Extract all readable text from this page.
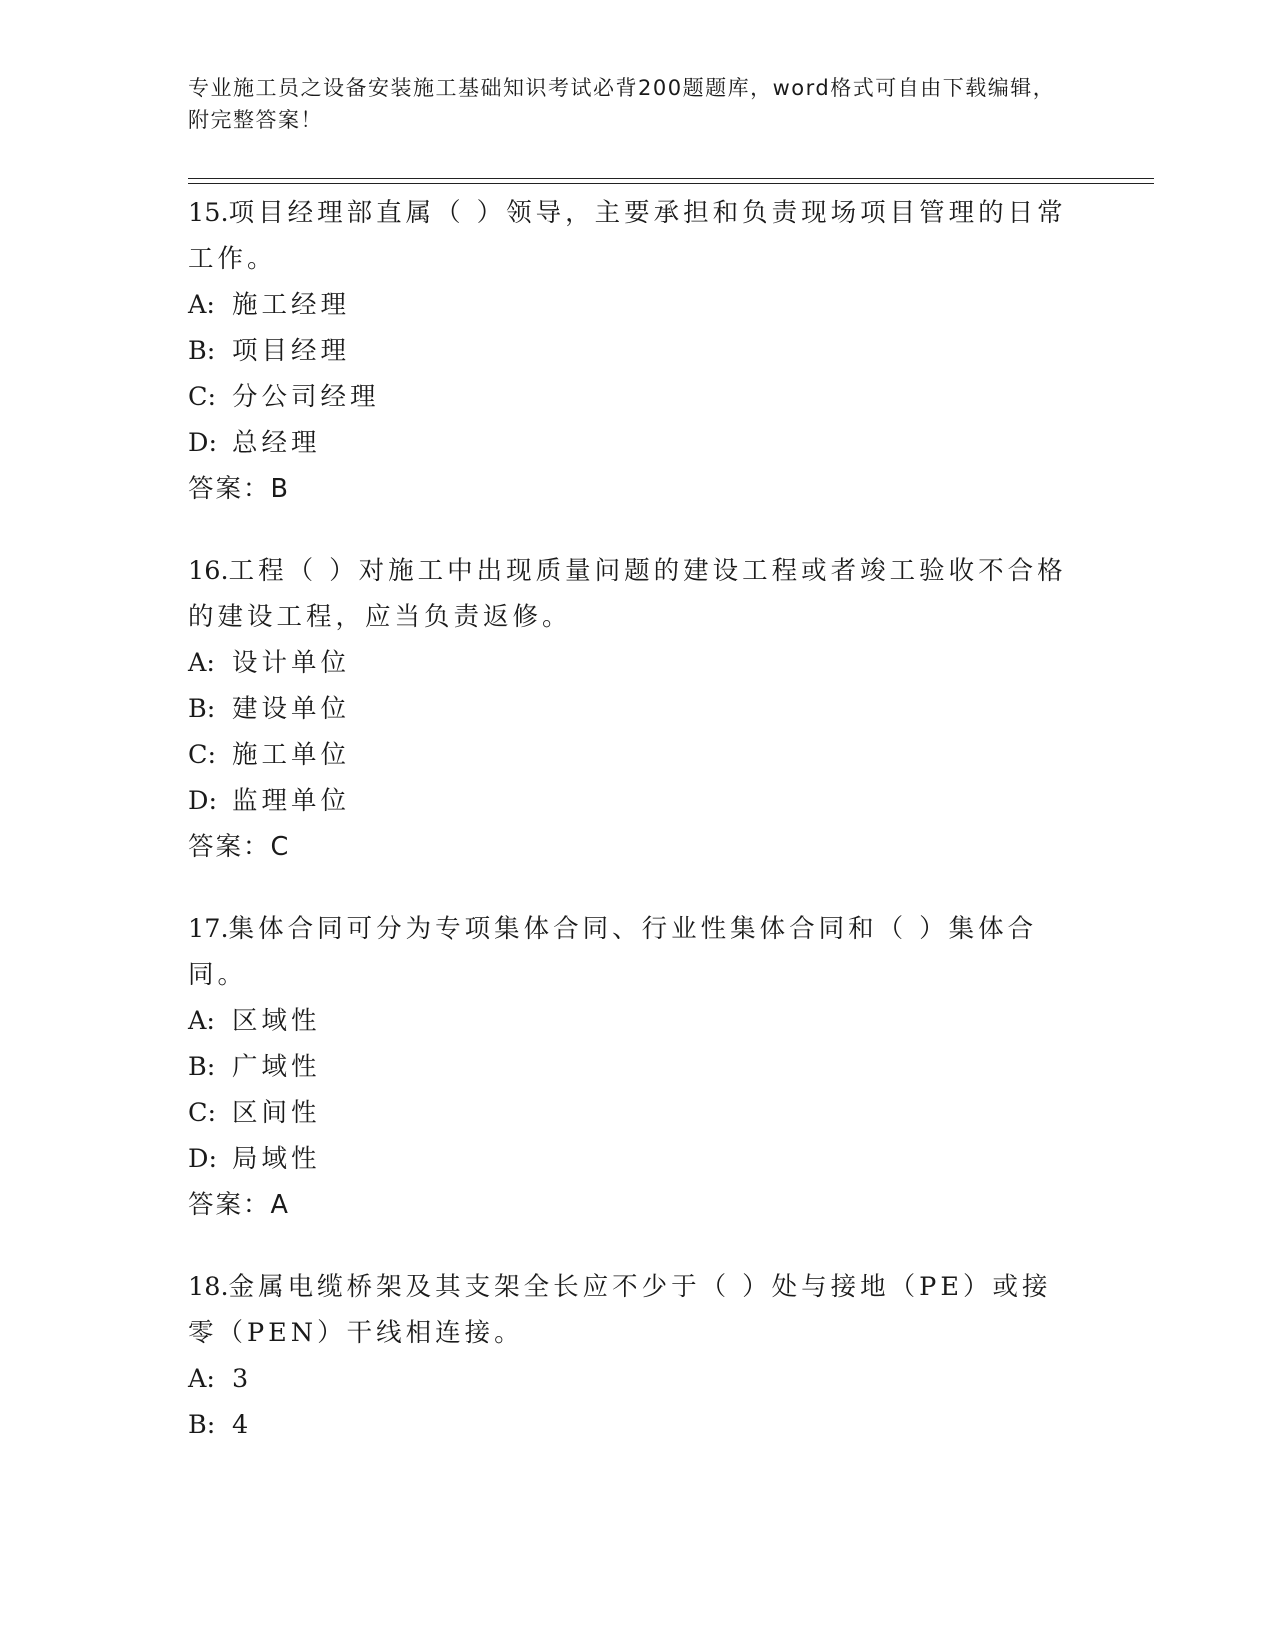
专业施工员之设备安装施工基础知识考试必背200题题库，word格式可自由下载编辑，附完整答案！

15.项目经理部直属（ ）领导，主要承担和负责现场项目管理的日常工作。

A: 施工经理
B: 项目经理
C: 分公司经理
D: 总经理
答案：B

16.工程（ ）对施工中出现质量问题的建设工程或者竣工验收不合格的建设工程，应当负责返修。

A: 设计单位
B: 建设单位
C: 施工单位
D: 监理单位
答案：C

17.集体合同可分为专项集体合同、行业性集体合同和（ ）集体合同。

A: 区域性
B: 广域性
C: 区间性
D: 局域性
答案：A

18.金属电缆桥架及其支架全长应不少于（ ）处与接地（PE）或接零（PEN）干线相连接。

A: 3
B: 4
